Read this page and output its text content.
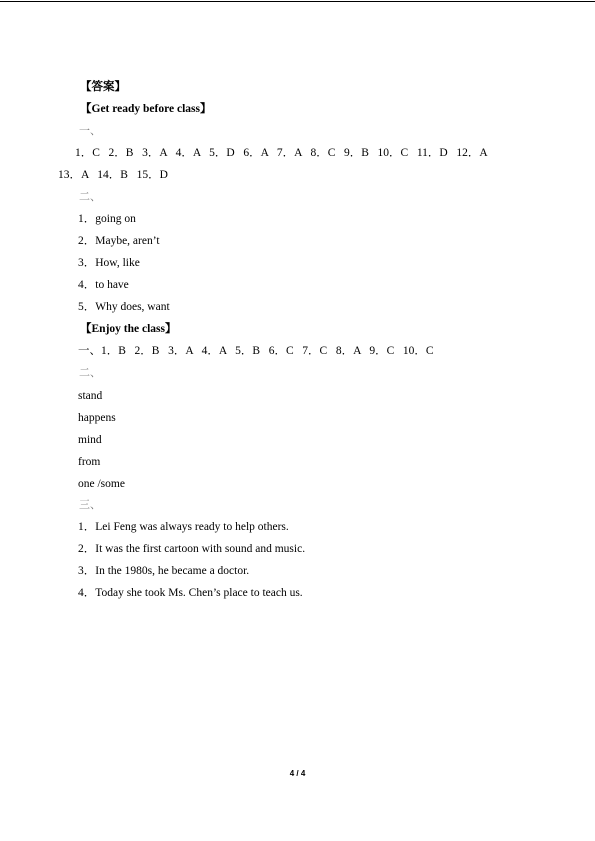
【答案】
【Get ready before class】
一、
1．C   2．B   3．A   4．A   5．D   6．A   7．A   8．C   9．B   10．C   11．D   12．A
13．A   14．B   15．D
二、
1．going on
2．Maybe, aren’t
3．How, like
4．to have
5．Why does, want
【Enjoy the class】
一、1．B   2．B   3．A   4．A   5．B   6．C   7．C   8．A   9．C   10．C
二、
stand
happens
mind
from
one /some
三、
1．Lei Feng was always ready to help others.
2．It was the first cartoon with sound and music.
3．In the 1980s, he became a doctor.
4．Today she took Ms. Chen’s place to teach us.
4 / 4
